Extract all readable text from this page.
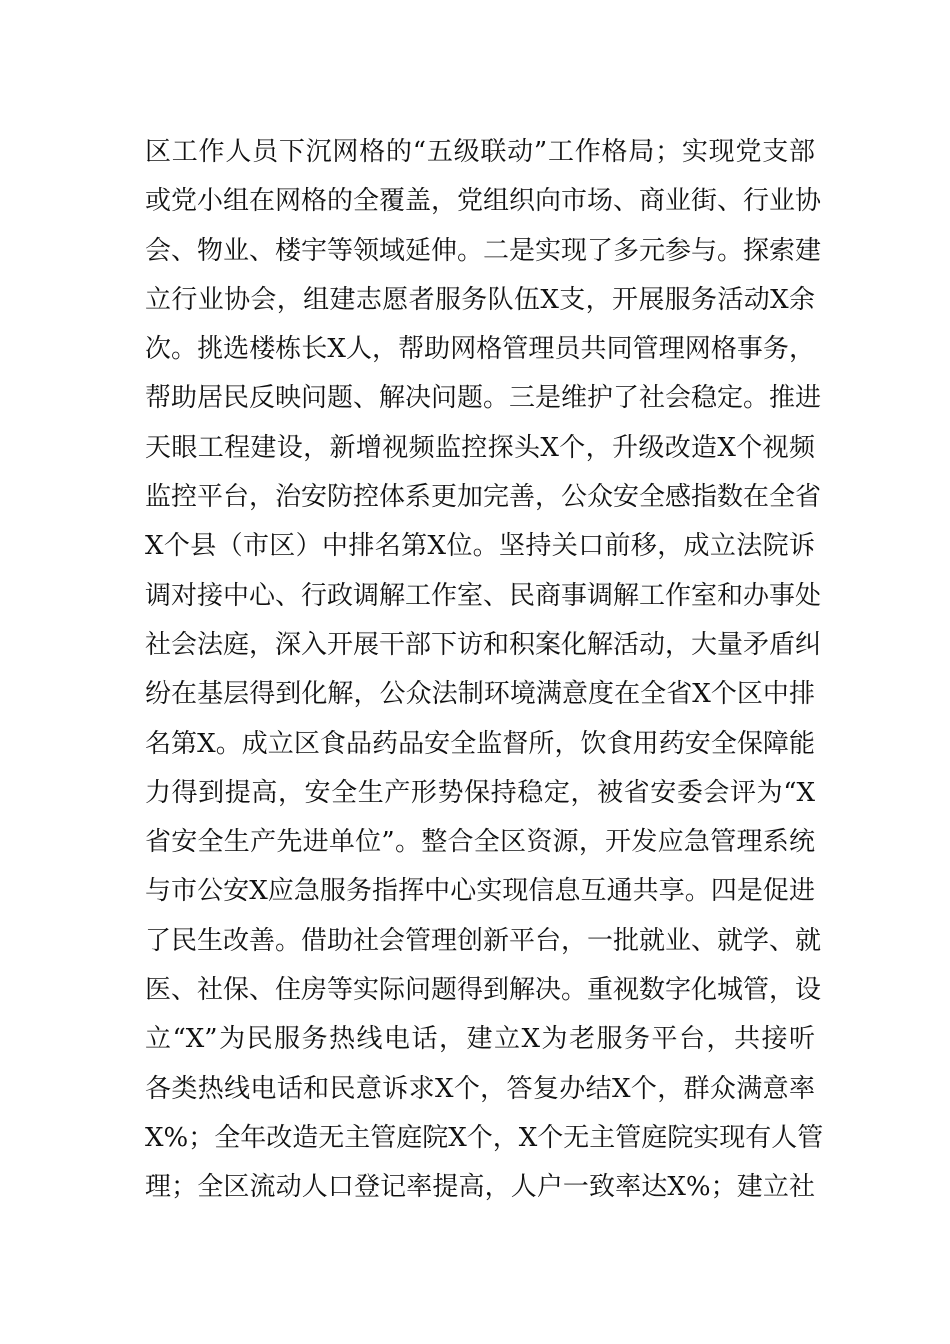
区工作人员下沉网格的“五级联动”工作格局；实现党支部
或党小组在网格的全覆盖，党组织向市场、商业街、行业协
会、物业、楼宇等领域延伸。二是实现了多元参与。探索建
立行业协会，组建志愿者服务队伍X支，开展服务活动X余
次。挑选楼栋长X人，帮助网格管理员共同管理网格事务，
帮助居民反映问题、解决问题。三是维护了社会稳定。推进
天眼工程建设，新增视频监控探头X个，升级改造X个视频
监控平台，治安防控体系更加完善，公众安全感指数在全省
X个县（市区）中排名第X位。坚持关口前移，成立法院诉
调对接中心、行政调解工作室、民商事调解工作室和办事处
社会法庭，深入开展干部下访和积案化解活动，大量矛盾纠
纷在基层得到化解，公众法制环境满意度在全省X个区中排
名第X。成立区食品药品安全监督所，饮食用药安全保障能
力得到提高，安全生产形势保持稳定，被省安委会评为“X
省安全生产先进单位”。整合全区资源，开发应急管理系统
与市公安X应急服务指挥中心实现信息互通共享。四是促进
了民生改善。借助社会管理创新平台，一批就业、就学、就
医、社保、住房等实际问题得到解决。重视数字化城管，设
立“X”为民服务热线电话，建立X为老服务平台，共接听
各类热线电话和民意诉求X个，答复办结X个，群众满意率
X%；全年改造无主管庭院X个，X个无主管庭院实现有人管
理；全区流动人口登记率提高，人户一致率达X%；建立社
